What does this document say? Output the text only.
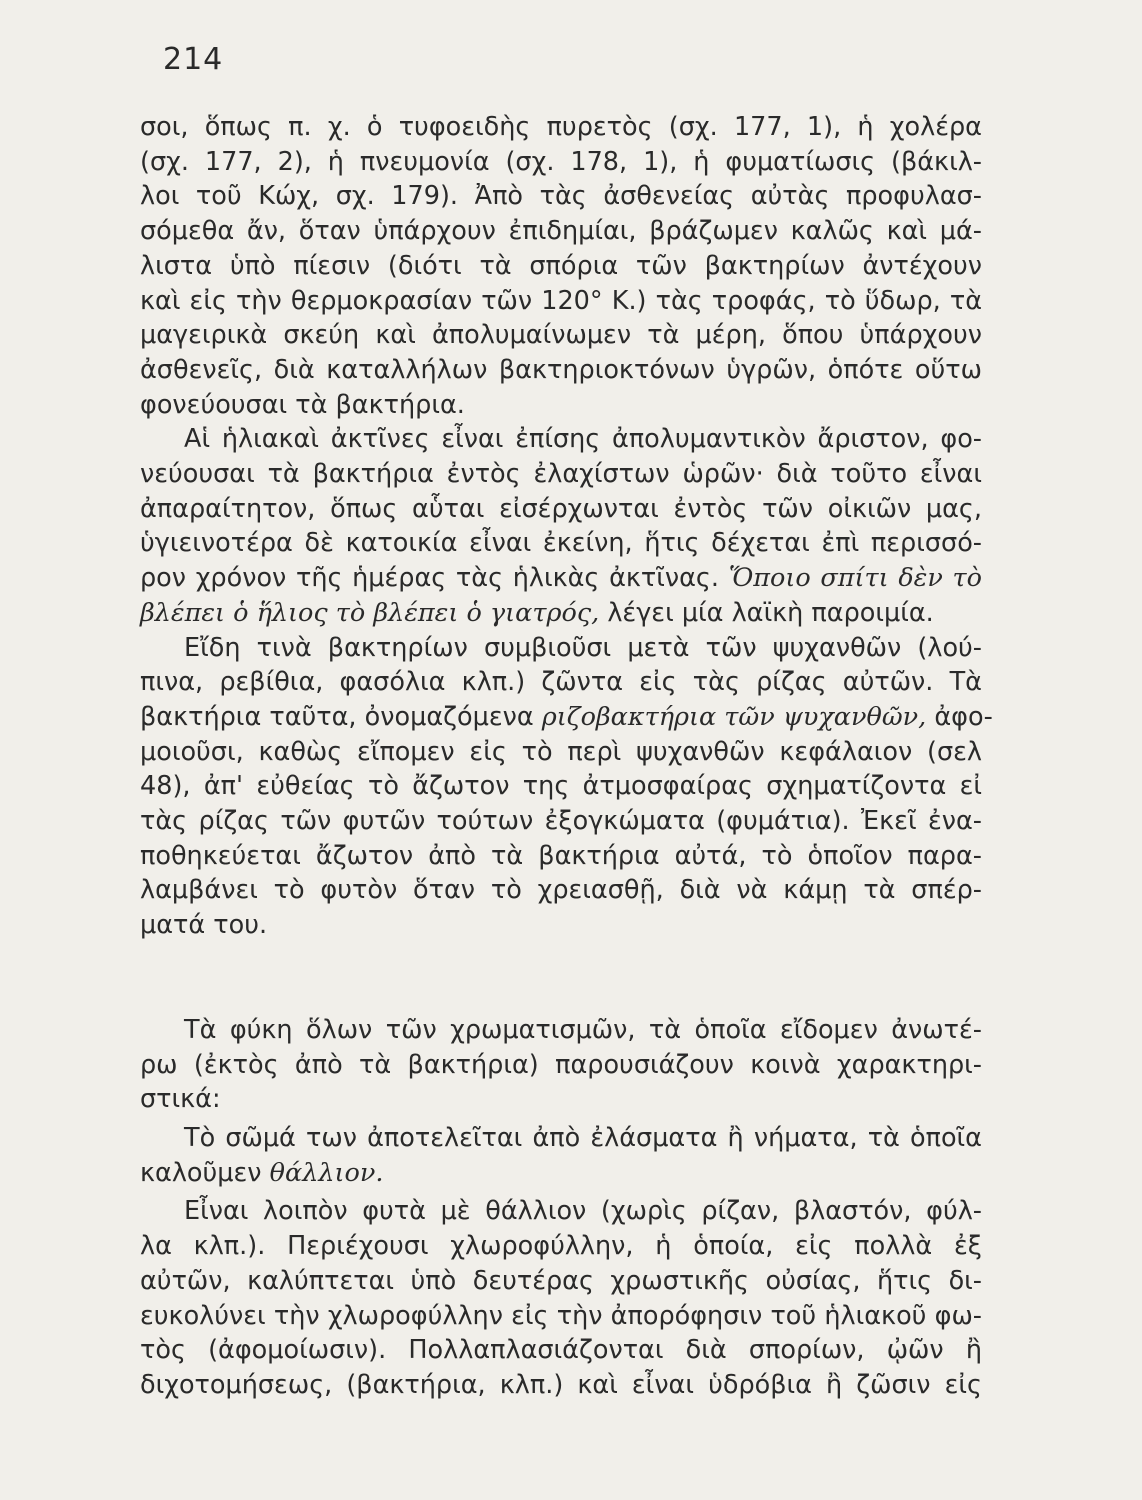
214
σοι, ὅπως π. χ. ὁ τυφοειδὴς πυρετὸς (σχ. 177, 1), ἡ χολέρα
(σχ. 177, 2), ἡ πνευμονία (σχ. 178, 1), ἡ φυματίωσις (βάκιλ-
λοι τοῦ Κώχ, σχ. 179). Ἀπὸ τὰς ἀσθενείας αὐτὰς προφυλασ-
σόμεθα ἄν, ὅταν ὑπάρχουν ἐπιδημίαι, βράζωμεν καλῶς καὶ μά-
λιστα ὑπὸ πίεσιν (διότι τὰ σπόρια τῶν βακτηρίων ἀντέχουν
καὶ εἰς τὴν θερμοκρασίαν τῶν 120° Κ.) τὰς τροφάς, τὸ ὕδωρ, τὰ
μαγειρικὰ σκεύη καὶ ἀπολυμαίνωμεν τὰ μέρη, ὅπου ὑπάρχουν
ἀσθενεῖς, διὰ καταλλήλων βακτηριοκτόνων ὑγρῶν, ὁπότε οὕτω
φονεύουσαι τὰ βακτήρια.
Αἱ ἡλιακαὶ ἀκτῖνες εἶναι ἐπίσης ἀπολυμαντικὸν ἄριστον, φο-
νεύουσαι τὰ βακτήρια ἐντὸς ἐλαχίστων ὡρῶν· διὰ τοῦτο εἶναι
ἀπαραίτητον, ὅπως αὗται εἰσέρχωνται ἐντὸς τῶν οἰκιῶν μας,
ὑγιεινοτέρα δὲ κατοικία εἶναι ἐκείνη, ἥτις δέχεται ἐπὶ περισσό-
ρον χρόνον τῆς ἡμέρας τὰς ἡλικὰς ἀκτῖνας. Ὅποιο σπίτι δὲν τὸ
βλέπει ὁ ἥλιος τὸ βλέπει ὁ γιατρός, λέγει μία λαϊκὴ παροιμία.
Εἴδη τινὰ βακτηρίων συμβιοῦσι μετὰ τῶν ψυχανθῶν (λού-
πινα, ρεβίθια, φασόλια κλπ.) ζῶντα εἰς τὰς ρίζας αὐτῶν. Τὰ
βακτήρια ταῦτα, ὀνομαζόμενα ριζοβακτήρια τῶν ψυχανθῶν, ἀφο-
μοιοῦσι, καθὼς εἴπομεν εἰς τὸ περὶ ψυχανθῶν κεφάλαιον (σελ
48), ἀπ' εὐθείας τὸ ἄζωτον της ἀτμοσφαίρας σχηματίζοντα εἰ
τὰς ρίζας τῶν φυτῶν τούτων ἐξογκώματα (φυμάτια). Ἐκεῖ ἐνα-
ποθηκεύεται ἄζωτον ἀπὸ τὰ βακτήρια αὐτά, τὸ ὁποῖον παρα-
λαμβάνει τὸ φυτὸν ὅταν τὸ χρειασθῇ, διὰ νὰ κάμῃ τὰ σπέρ-
ματά του.
Τὰ φύκη ὅλων τῶν χρωματισμῶν, τὰ ὁποῖα εἴδομεν ἀνωτέ-
ρω (ἐκτὸς ἀπὸ τὰ βακτήρια) παρουσιάζουν κοινὰ χαρακτηρι-
στικά:
Τὸ σῶμά των ἀποτελεῖται ἀπὸ ἐλάσματα ἢ νήματα, τὰ ὁποῖα
καλοῦμεν θάλλιον.
Εἶναι λοιπὸν φυτὰ μὲ θάλλιον (χωρὶς ρίζαν, βλαστόν, φύλ-
λα κλπ.). Περιέχουσι χλωροφύλλην, ἡ ὁποία, εἰς πολλὰ ἐξ
αὐτῶν, καλύπτεται ὑπὸ δευτέρας χρωστικῆς οὐσίας, ἥτις δι-
ευκολύνει τὴν χλωροφύλλην εἰς τὴν ἀπορόφησιν τοῦ ἡλιακοῦ φω-
τὸς (ἀφομοίωσιν). Πολλαπλασιάζονται διὰ σπορίων, ᾠῶν ἢ
διχοτομήσεως, (βακτήρια, κλπ.) καὶ εἶναι ὑδρόβια ἢ ζῶσιν εἰς
